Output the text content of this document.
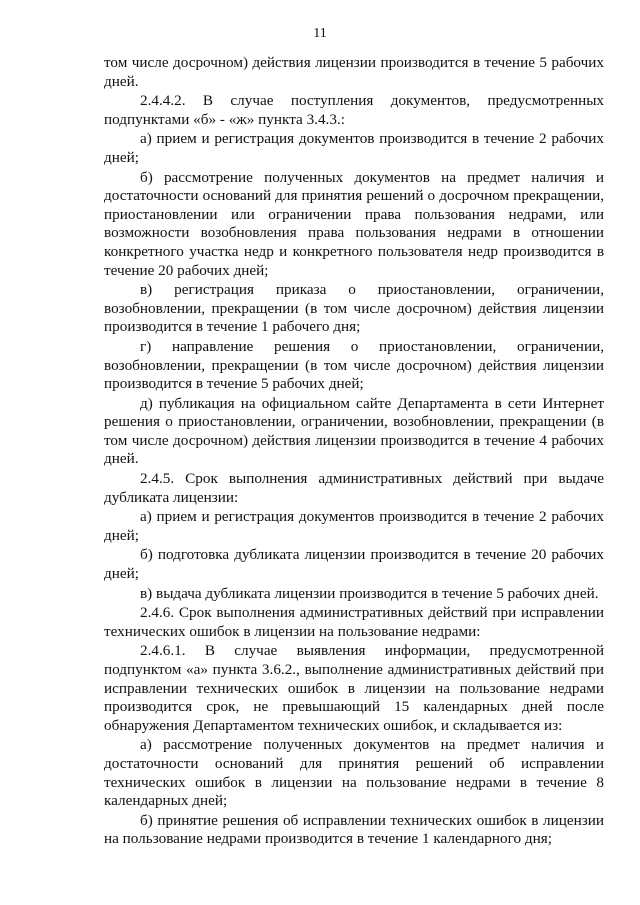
11

том числе досрочном) действия лицензии производится в течение 5 рабочих дней.

2.4.4.2. В случае поступления документов, предусмотренных подпунктами «б» - «ж» пункта 3.4.3.:

а) прием и регистрация документов производится в течение 2 рабочих дней;

б) рассмотрение полученных документов на предмет наличия и достаточности оснований для принятия решений о досрочном прекращении, приостановлении или ограничении права пользования недрами, или возможности возобновления права пользования недрами в отношении конкретного участка недр и конкретного пользователя недр производится в течение 20 рабочих дней;

в) регистрация приказа о приостановлении, ограничении, возобновлении, прекращении (в том числе досрочном) действия лицензии производится в течение 1 рабочего дня;

г) направление решения о приостановлении, ограничении, возобновлении, прекращении (в том числе досрочном) действия лицензии производится в течение 5 рабочих дней;

д) публикация на официальном сайте Департамента в сети Интернет решения о приостановлении, ограничении, возобновлении, прекращении (в том числе досрочном) действия лицензии производится в течение 4 рабочих дней.

2.4.5. Срок выполнения административных действий при выдаче дубликата лицензии:

а) прием и регистрация документов производится в течение 2 рабочих дней;

б) подготовка дубликата лицензии производится в течение 20 рабочих дней;

в) выдача дубликата лицензии производится в течение 5 рабочих дней.

2.4.6. Срок выполнения административных действий при исправлении технических ошибок в лицензии на пользование недрами:

2.4.6.1. В случае выявления информации, предусмотренной подпунктом «а» пункта 3.6.2., выполнение административных действий при исправлении технических ошибок в лицензии на пользование недрами производится срок, не превышающий 15 календарных дней после обнаружения Департаментом технических ошибок, и складывается из:

а) рассмотрение полученных документов на предмет наличия и достаточности оснований для принятия решений об исправлении технических ошибок в лицензии на пользование недрами в течение 8 календарных дней;

б) принятие решения об исправлении технических ошибок в лицензии на пользование недрами производится в течение 1 календарного дня;
